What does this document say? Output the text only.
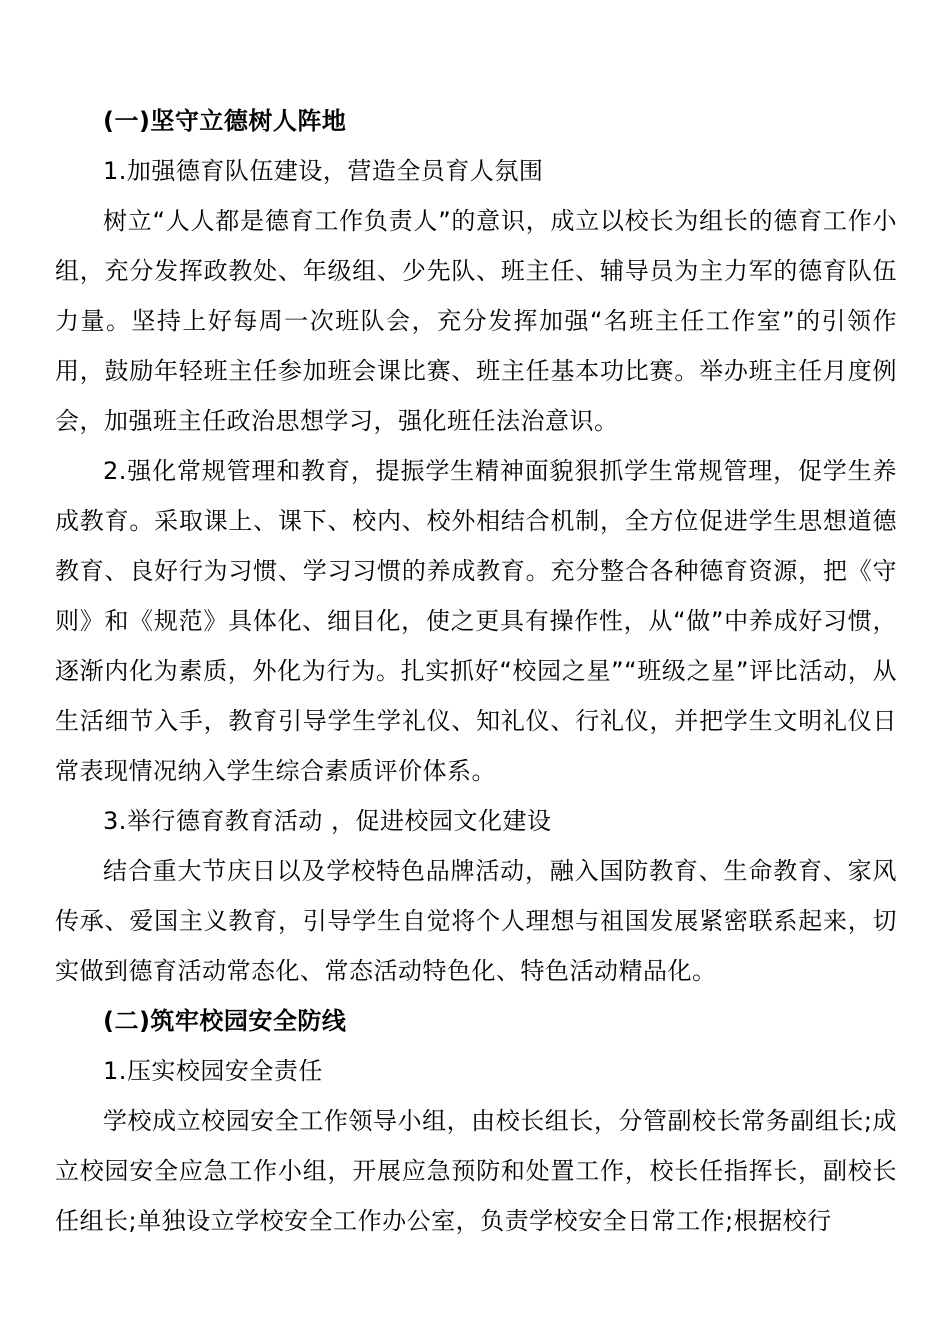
(一)坚守立德树人阵地

1.加强德育队伍建设，营造全员育人氛围

树立“人人都是德育工作负责人”的意识，成立以校长为组长的德育工作小组，充分发挥政教处、年级组、少先队、班主任、辅导员为主力军的德育队伍力量。坚持上好每周一次班队会，充分发挥加强“名班主任工作室”的引领作用，鼓励年轻班主任参加班会课比赛、班主任基本功比赛。举办班主任月度例会，加强班主任政治思想学习，强化班任法治意识。

2.强化常规管理和教育，提振学生精神面貌狠抓学生常规管理，促学生养成教育。采取课上、课下、校内、校外相结合机制，全方位促进学生思想道德教育、良好行为习惯、学习习惯的养成教育。充分整合各种德育资源，把《守则》和《规范》具体化、细目化，使之更具有操作性，从“做”中养成好习惯，逐渐内化为素质，外化为行为。扎实抓好“校园之星”“班级之星”评比活动，从生活细节入手，教育引导学生学礼仪、知礼仪、行礼仪，并把学生文明礼仪日常表现情况纳入学生综合素质评价体系。

3.举行德育教育活动 ，促进校园文化建设

结合重大节庆日以及学校特色品牌活动，融入国防教育、生命教育、家风传承、爱国主义教育，引导学生自觉将个人理想与祖国发展紧密联系起来，切实做到德育活动常态化、常态活动特色化、特色活动精品化。

(二)筑牢校园安全防线

1.压实校园安全责任

学校成立校园安全工作领导小组，由校长组长，分管副校长常务副组长;成立校园安全应急工作小组，开展应急预防和处置工作，校长任指挥长，副校长任组长;单独设立学校安全工作办公室，负责学校安全日常工作;根据校行
